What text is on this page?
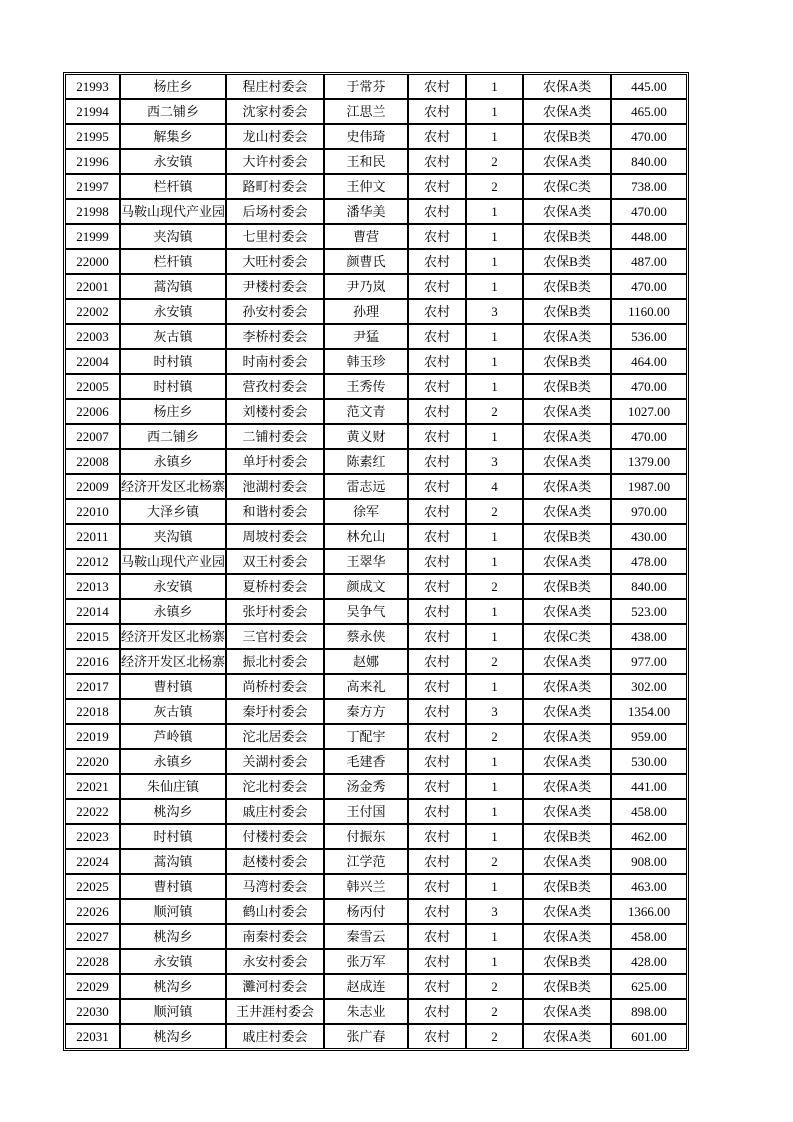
21993	杨庄乡	程庄村委会	于常芬	农村	1	农保A类	445.00
21994	西二铺乡	沈家村委会	江思兰	农村	1	农保A类	465.00
21995	解集乡	龙山村委会	史伟琦	农村	1	农保B类	470.00
21996	永安镇	大许村委会	王和民	农村	2	农保A类	840.00
21997	栏杆镇	路町村委会	王仲文	农村	2	农保C类	738.00
21998	马鞍山现代产业园	后场村委会	潘华美	农村	1	农保A类	470.00
21999	夹沟镇	七里村委会	曹营	农村	1	农保B类	448.00
22000	栏杆镇	大旺村委会	颜曹氏	农村	1	农保B类	487.00
22001	蒿沟镇	尹楼村委会	尹乃岚	农村	1	农保B类	470.00
22002	永安镇	孙安村委会	孙理	农村	3	农保B类	1160.00
22003	灰古镇	李桥村委会	尹猛	农村	1	农保A类	536.00
22004	时村镇	时南村委会	韩玉珍	农村	1	农保B类	464.00
22005	时村镇	营孜村委会	王秀传	农村	1	农保B类	470.00
22006	杨庄乡	刘楼村委会	范文青	农村	2	农保A类	1027.00
22007	西二铺乡	二铺村委会	黄义财	农村	1	农保A类	470.00
22008	永镇乡	单圩村委会	陈素红	农村	3	农保A类	1379.00
22009	经济开发区北杨寨	池湖村委会	雷志远	农村	4	农保A类	1987.00
22010	大泽乡镇	和谐村委会	徐军	农村	2	农保A类	970.00
22011	夹沟镇	周坡村委会	林允山	农村	1	农保B类	430.00
22012	马鞍山现代产业园	双王村委会	王翠华	农村	1	农保A类	478.00
22013	永安镇	夏桥村委会	颜成文	农村	2	农保B类	840.00
22014	永镇乡	张圩村委会	吴争气	农村	1	农保A类	523.00
22015	经济开发区北杨寨	三官村委会	蔡永侠	农村	1	农保C类	438.00
22016	经济开发区北杨寨	振北村委会	赵娜	农村	2	农保A类	977.00
22017	曹村镇	尚桥村委会	高来礼	农村	1	农保A类	302.00
22018	灰古镇	秦圩村委会	秦方方	农村	3	农保A类	1354.00
22019	芦岭镇	沱北居委会	丁配宇	农村	2	农保A类	959.00
22020	永镇乡	关湖村委会	毛建香	农村	1	农保A类	530.00
22021	朱仙庄镇	沱北村委会	汤金秀	农村	1	农保A类	441.00
22022	桃沟乡	戚庄村委会	王付国	农村	1	农保A类	458.00
22023	时村镇	付楼村委会	付振东	农村	1	农保B类	462.00
22024	蒿沟镇	赵楼村委会	江学范	农村	2	农保A类	908.00
22025	曹村镇	马湾村委会	韩兴兰	农村	1	农保B类	463.00
22026	顺河镇	鹤山村委会	杨丙付	农村	3	农保A类	1366.00
22027	桃沟乡	南秦村委会	秦雪云	农村	1	农保A类	458.00
22028	永安镇	永安村委会	张万军	农村	1	农保B类	428.00
22029	桃沟乡	灘河村委会	赵成连	农村	2	农保B类	625.00
22030	顺河镇	王井涯村委会	朱志业	农村	2	农保A类	898.00
22031	桃沟乡	戚庄村委会	张广春	农村	2	农保A类	601.00
